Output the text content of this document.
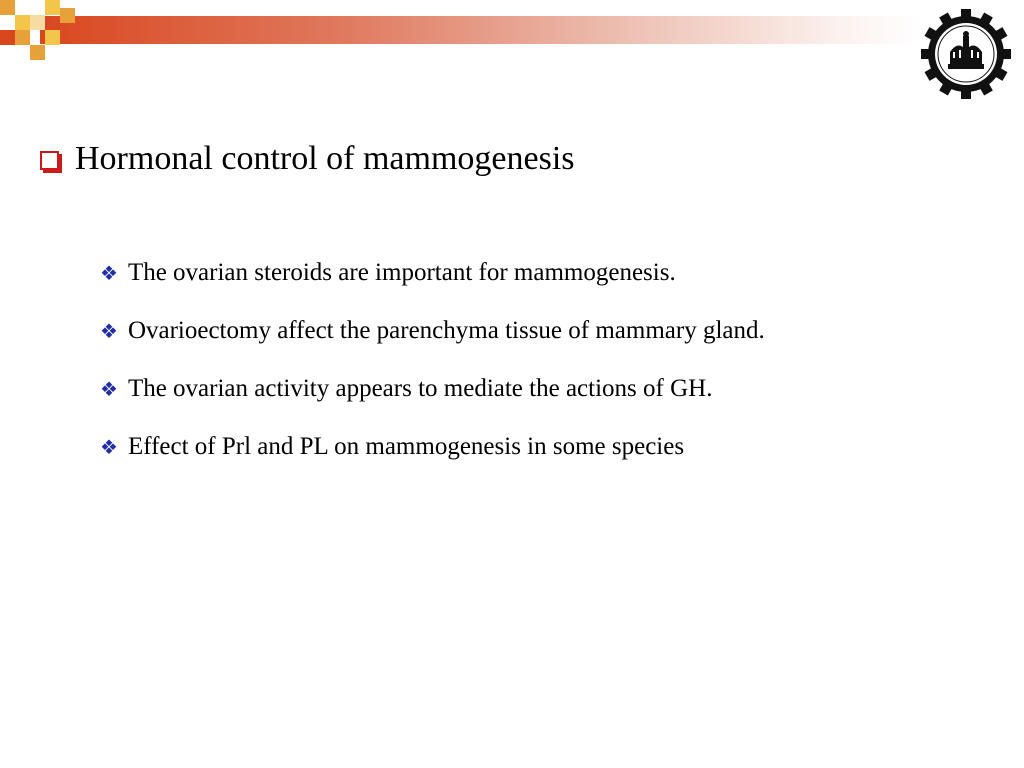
Hormonal control of mammogenesis
❖ The ovarian steroids are important for mammogenesis.
❖ Ovarioectomy affect the parenchyma tissue of mammary gland.
❖ The ovarian activity appears to mediate the actions of GH.
❖ Effect of Prl and PL on mammogenesis in some species
